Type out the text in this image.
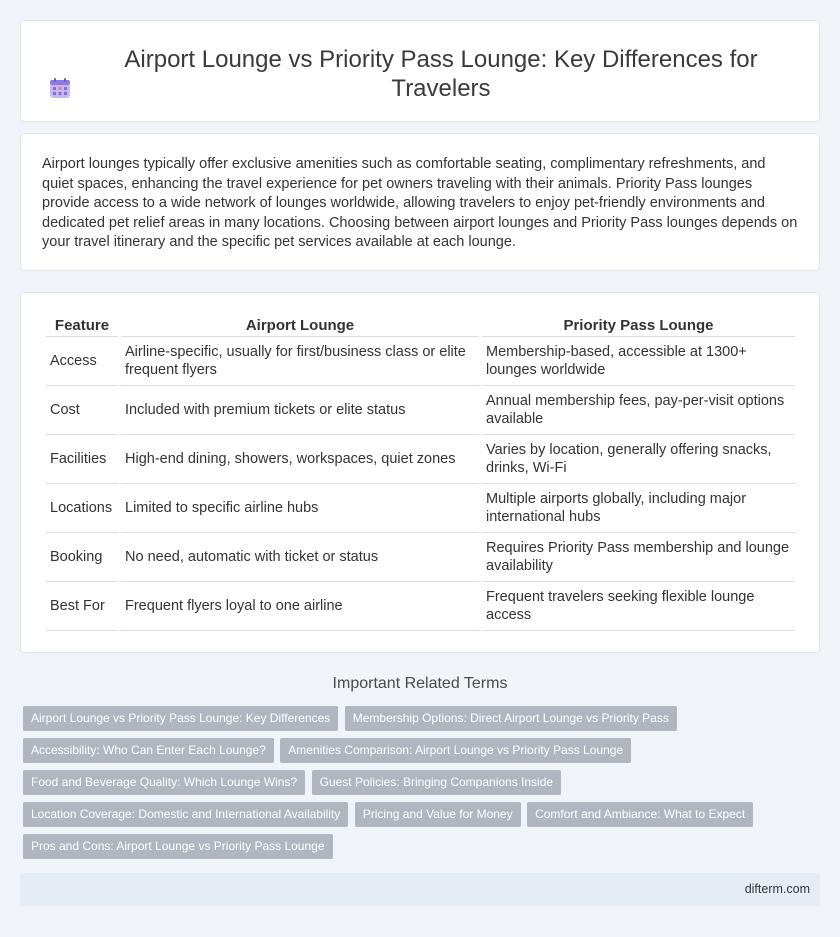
Airport Lounge vs Priority Pass Lounge: Key Differences for Travelers

Airport lounges typically offer exclusive amenities such as comfortable seating, complimentary refreshments, and quiet spaces, enhancing the travel experience for pet owners traveling with their animals. Priority Pass lounges provide access to a wide network of lounges worldwide, allowing travelers to enjoy pet-friendly environments and dedicated pet relief areas in many locations. Choosing between airport lounges and Priority Pass lounges depends on your travel itinerary and the specific pet services available at each lounge.

Feature	Airport Lounge	Priority Pass Lounge
Access	Airline-specific, usually for first/business class or elite frequent flyers	Membership-based, accessible at 1300+ lounges worldwide
Cost	Included with premium tickets or elite status	Annual membership fees, pay-per-visit options available
Facilities	High-end dining, showers, workspaces, quiet zones	Varies by location, generally offering snacks, drinks, Wi-Fi
Locations	Limited to specific airline hubs	Multiple airports globally, including major international hubs
Booking	No need, automatic with ticket or status	Requires Priority Pass membership and lounge availability
Best For	Frequent flyers loyal to one airline	Frequent travelers seeking flexible lounge access
Important Related Terms
Airport Lounge vs Priority Pass Lounge: Key Differences Membership Options: Direct Airport Lounge vs Priority Pass
Accessibility: Who Can Enter Each Lounge? Amenities Comparison: Airport Lounge vs Priority Pass Lounge
Food and Beverage Quality: Which Lounge Wins? Guest Policies: Bringing Companions Inside
Location Coverage: Domestic and International Availability Pricing and Value for Money Comfort and Ambiance: What to Expect
Pros and Cons: Airport Lounge vs Priority Pass Lounge
difterm.com
